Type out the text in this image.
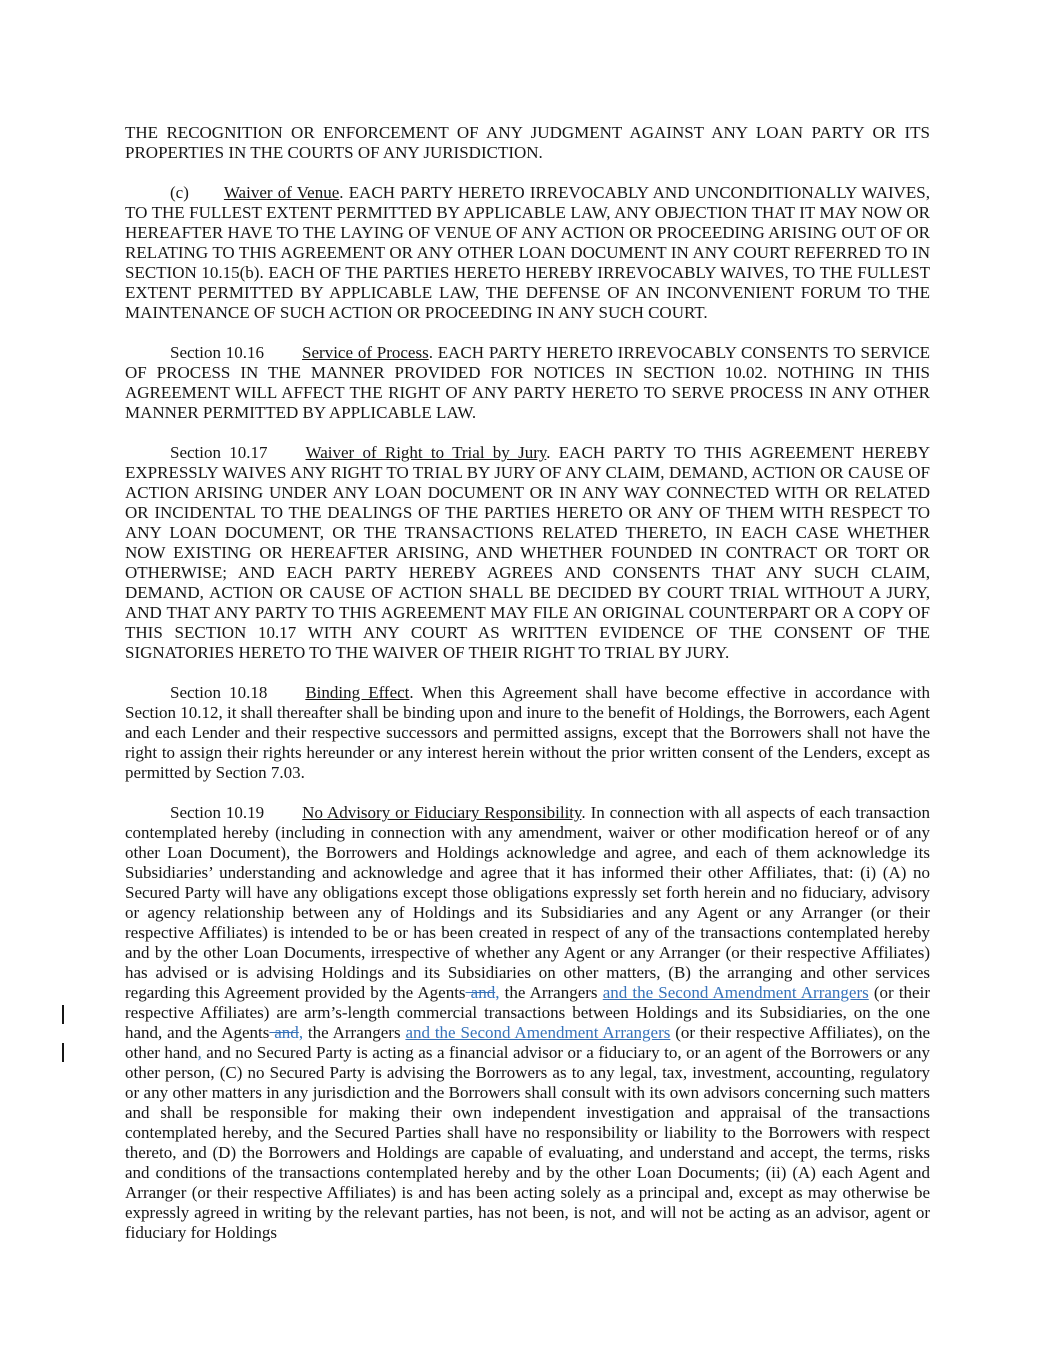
THE RECOGNITION OR ENFORCEMENT OF ANY JUDGMENT AGAINST ANY LOAN PARTY OR ITS PROPERTIES IN THE COURTS OF ANY JURISDICTION.

(c) Waiver of Venue. EACH PARTY HERETO IRREVOCABLY AND UNCONDITIONALLY WAIVES, TO THE FULLEST EXTENT PERMITTED BY APPLICABLE LAW, ANY OBJECTION THAT IT MAY NOW OR HEREAFTER HAVE TO THE LAYING OF VENUE OF ANY ACTION OR PROCEEDING ARISING OUT OF OR RELATING TO THIS AGREEMENT OR ANY OTHER LOAN DOCUMENT IN ANY COURT REFERRED TO IN SECTION 10.15(b). EACH OF THE PARTIES HERETO HEREBY IRREVOCABLY WAIVES, TO THE FULLEST EXTENT PERMITTED BY APPLICABLE LAW, THE DEFENSE OF AN INCONVENIENT FORUM TO THE MAINTENANCE OF SUCH ACTION OR PROCEEDING IN ANY SUCH COURT.

Section 10.16 Service of Process. EACH PARTY HERETO IRREVOCABLY CONSENTS TO SERVICE OF PROCESS IN THE MANNER PROVIDED FOR NOTICES IN SECTION 10.02. NOTHING IN THIS AGREEMENT WILL AFFECT THE RIGHT OF ANY PARTY HERETO TO SERVE PROCESS IN ANY OTHER MANNER PERMITTED BY APPLICABLE LAW.

Section 10.17 Waiver of Right to Trial by Jury. EACH PARTY TO THIS AGREEMENT HEREBY EXPRESSLY WAIVES ANY RIGHT TO TRIAL BY JURY OF ANY CLAIM, DEMAND, ACTION OR CAUSE OF ACTION ARISING UNDER ANY LOAN DOCUMENT OR IN ANY WAY CONNECTED WITH OR RELATED OR INCIDENTAL TO THE DEALINGS OF THE PARTIES HERETO OR ANY OF THEM WITH RESPECT TO ANY LOAN DOCUMENT, OR THE TRANSACTIONS RELATED THERETO, IN EACH CASE WHETHER NOW EXISTING OR HEREAFTER ARISING, AND WHETHER FOUNDED IN CONTRACT OR TORT OR OTHERWISE; AND EACH PARTY HEREBY AGREES AND CONSENTS THAT ANY SUCH CLAIM, DEMAND, ACTION OR CAUSE OF ACTION SHALL BE DECIDED BY COURT TRIAL WITHOUT A JURY, AND THAT ANY PARTY TO THIS AGREEMENT MAY FILE AN ORIGINAL COUNTERPART OR A COPY OF THIS SECTION 10.17 WITH ANY COURT AS WRITTEN EVIDENCE OF THE CONSENT OF THE SIGNATORIES HERETO TO THE WAIVER OF THEIR RIGHT TO TRIAL BY JURY.

Section 10.18 Binding Effect. When this Agreement shall have become effective in accordance with Section 10.12, it shall thereafter shall be binding upon and inure to the benefit of Holdings, the Borrowers, each Agent and each Lender and their respective successors and permitted assigns, except that the Borrowers shall not have the right to assign their rights hereunder or any interest herein without the prior written consent of the Lenders, except as permitted by Section 7.03.

Section 10.19 No Advisory or Fiduciary Responsibility. In connection with all aspects of each transaction contemplated hereby (including in connection with any amendment, waiver or other modification hereof or of any other Loan Document), the Borrowers and Holdings acknowledge and agree, and each of them acknowledge its Subsidiaries’ understanding and acknowledge and agree that it has informed their other Affiliates, that: (i) (A) no Secured Party will have any obligations except those obligations expressly set forth herein and no fiduciary, advisory or agency relationship between any of Holdings and its Subsidiaries and any Agent or any Arranger (or their respective Affiliates) is intended to be or has been created in respect of any of the transactions contemplated hereby and by the other Loan Documents, irrespective of whether any Agent or any Arranger (or their respective Affiliates) has advised or is advising Holdings and its Subsidiaries on other matters, (B) the arranging and other services regarding this Agreement provided by the Agents and, the Arrangers and the Second Amendment Arrangers (or their respective Affiliates) are arm’s-length commercial transactions between Holdings and its Subsidiaries, on the one hand, and the Agents and, the Arrangers and the Second Amendment Arrangers (or their respective Affiliates), on the other hand, and no Secured Party is acting as a financial advisor or a fiduciary to, or an agent of the Borrowers or any other person, (C) no Secured Party is advising the Borrowers as to any legal, tax, investment, accounting, regulatory or any other matters in any jurisdiction and the Borrowers shall consult with its own advisors concerning such matters and shall be responsible for making their own independent investigation and appraisal of the transactions contemplated hereby, and the Secured Parties shall have no responsibility or liability to the Borrowers with respect thereto, and (D) the Borrowers and Holdings are capable of evaluating, and understand and accept, the terms, risks and conditions of the transactions contemplated hereby and by the other Loan Documents; (ii) (A) each Agent and Arranger (or their respective Affiliates) is and has been acting solely as a principal and, except as may otherwise be expressly agreed in writing by the relevant parties, has not been, is not, and will not be acting as an advisor, agent or fiduciary for Holdings
